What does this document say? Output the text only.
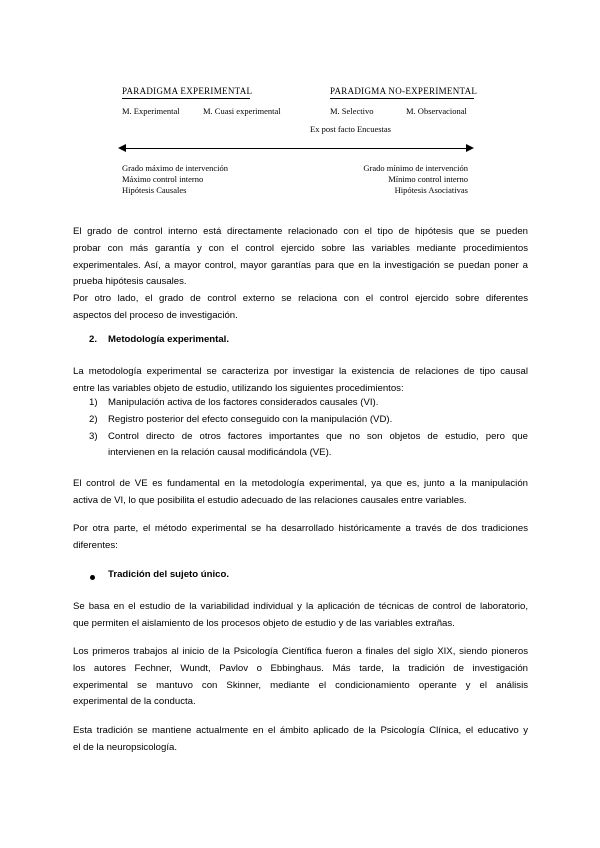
PARADIGMA EXPERIMENTAL	PARADIGMA NO-EXPERIMENTAL
M. Experimental	M. Cuasi experimental	M. Selectivo	M. Observacional
Ex post facto Encuestas
Grado máximo de intervención
Máximo control interno
Hipótesis Causales
Grado mínimo de intervención
Mínimo control interno
Hipótesis Asociativas

El grado de control interno está directamente relacionado con el tipo de hipótesis que se pueden

probar con más garantía y con el control ejercido sobre las variables mediante procedimientos

experimentales. Así, a mayor control, mayor garantías para que en la investigación se puedan poner a

prueba hipótesis causales.

Por otro lado, el grado de control externo se relaciona con el control ejercido sobre diferentes

aspectos del proceso de investigación.

2. Metodología experimental.

La metodología experimental se caracteriza por investigar la existencia de relaciones de tipo causal

entre las variables objeto de estudio, utilizando los siguientes procedimientos:

1) Manipulación activa de los factores considerados causales (VI).
2) Registro posterior del efecto conseguido con la manipulación (VD).
3) Control directo de otros factores importantes que no son objetos de estudio, pero que
intervienen en la relación causal modificándola (VE).

El control de VE es fundamental en la metodología experimental, ya que es, junto a la manipulación

activa de VI, lo que posibilita el estudio adecuado de las relaciones causales entre variables.

Por otra parte, el método experimental se ha desarrollado históricamente a través de dos tradiciones

diferentes:

Tradición del sujeto único.

Se basa en el estudio de la variabilidad individual y la aplicación de técnicas de control de laboratorio,

que permiten el aislamiento de los procesos objeto de estudio y de las variables extrañas.

Los primeros trabajos al inicio de la Psicología Científica fueron a finales del siglo XIX, siendo pioneros

los autores Fechner, Wundt, Pavlov o Ebbinghaus. Más tarde, la tradición de investigación

experimental se mantuvo con Skinner, mediante el condicionamiento operante y el análisis

experimental de la conducta.

Esta tradición se mantiene actualmente en el ámbito aplicado de la Psicología Clínica, el educativo y

el de la neuropsicología.
